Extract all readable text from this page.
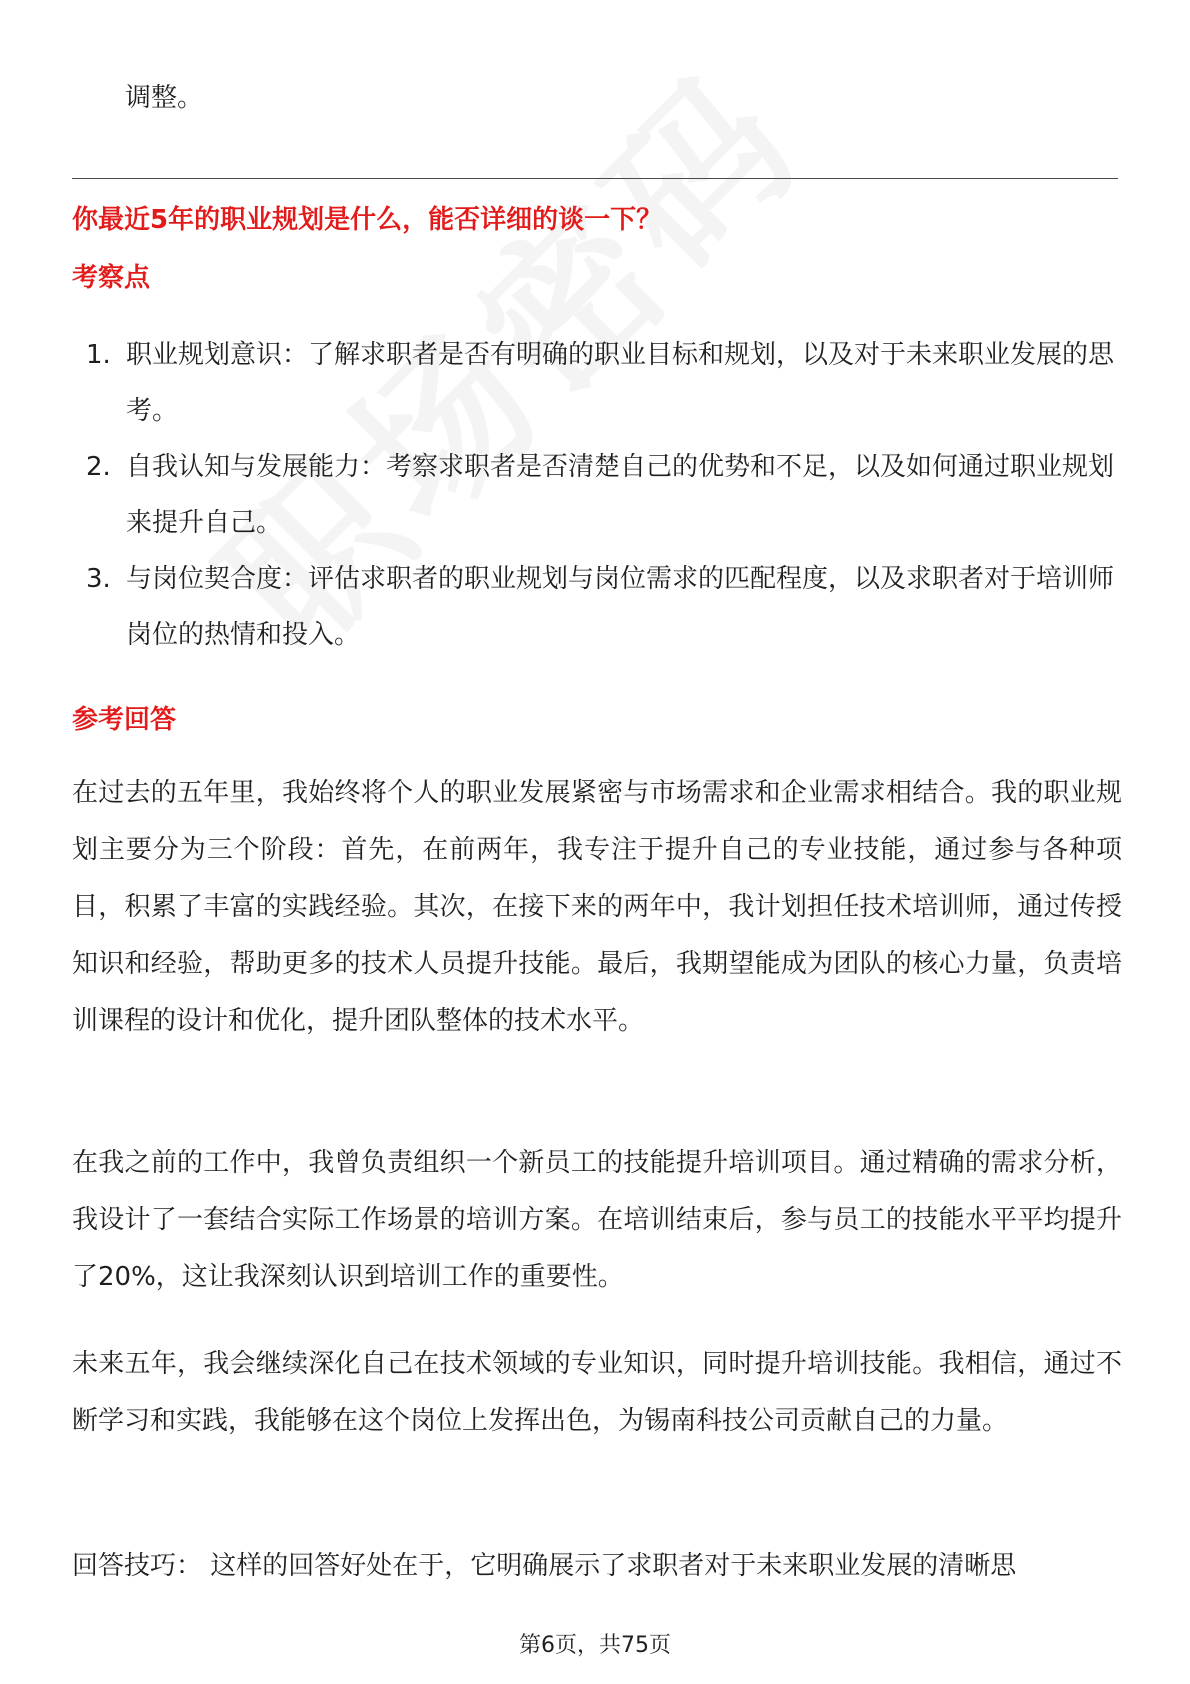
调整。

你最近5年的职业规划是什么，能否详细的谈一下？

考察点

1. 职业规划意识：了解求职者是否有明确的职业目标和规划，以及对于未来职业发展的思考。
2. 自我认知与发展能力：考察求职者是否清楚自己的优势和不足，以及如何通过职业规划来提升自己。
3. 与岗位契合度：评估求职者的职业规划与岗位需求的匹配程度，以及求职者对于培训师岗位的热情和投入。

参考回答

在过去的五年里，我始终将个人的职业发展紧密与市场需求和企业需求相结合。我的职业规划主要分为三个阶段：首先，在前两年，我专注于提升自己的专业技能，通过参与各种项目，积累了丰富的实践经验。其次，在接下来的两年中，我计划担任技术培训师，通过传授知识和经验，帮助更多的技术人员提升技能。最后，我期望能成为团队的核心力量，负责培训课程的设计和优化，提升团队整体的技术水平。

在我之前的工作中，我曾负责组织一个新员工的技能提升培训项目。通过精确的需求分析，我设计了一套结合实际工作场景的培训方案。在培训结束后，参与员工的技能水平平均提升了20%，这让我深刻认识到培训工作的重要性。

未来五年，我会继续深化自己在技术领域的专业知识，同时提升培训技能。我相信，通过不断学习和实践，我能够在这个岗位上发挥出色，为锡南科技公司贡献自己的力量。

回答技巧： 这样的回答好处在于，它明确展示了求职者对于未来职业发展的清晰思

第6页，共75页
